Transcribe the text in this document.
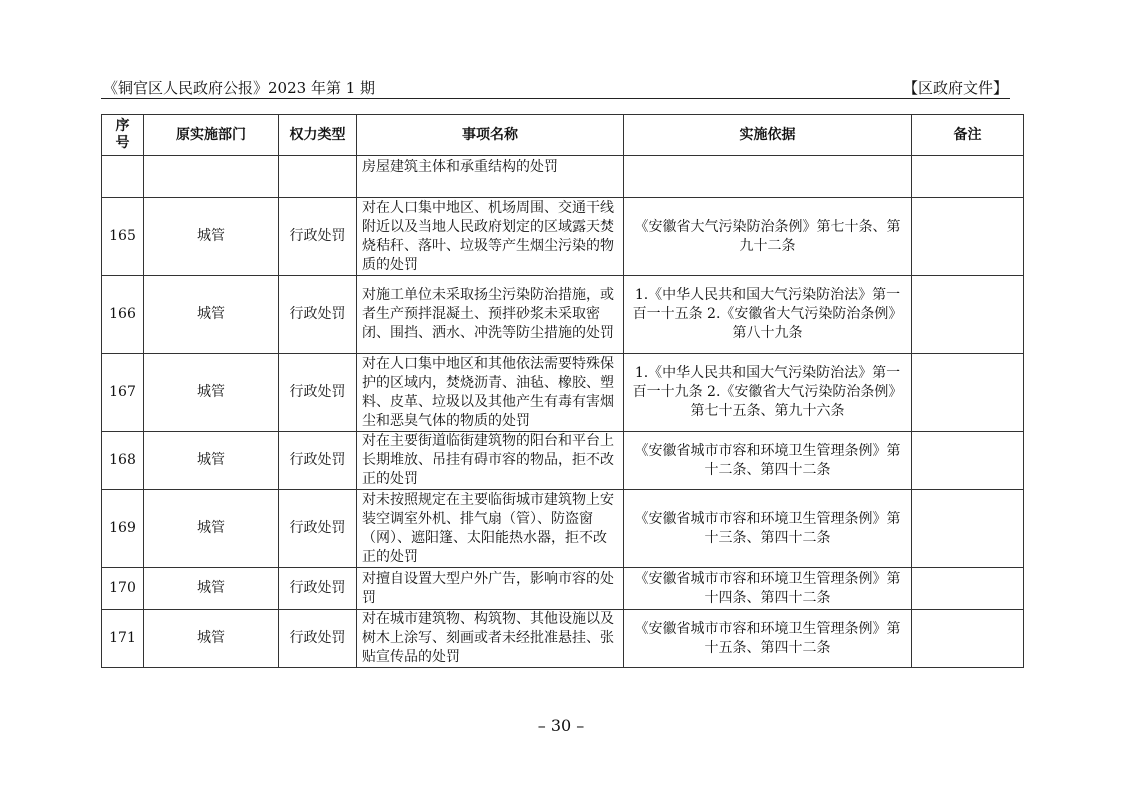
《铜官区人民政府公报》2023 年第 1 期	【区政府文件】
序
号	原实施部门	权力类型	事项名称	实施依据	备注
			房屋建筑主体和承重结构的处罚		
165	城管	行政处罚	对在人口集中地区、机场周围、交通干线附近以及当地人民政府划定的区域露天焚烧秸秆、落叶、垃圾等产生烟尘污染的物质的处罚	《安徽省大气污染防治条例》第七十条、第九十二条	
166	城管	行政处罚	对施工单位未采取扬尘污染防治措施，或者生产预拌混凝土、预拌砂浆未采取密闭、围挡、洒水、冲洗等防尘措施的处罚	1.《中华人民共和国大气污染防治法》第一百一十五条 2.《安徽省大气污染防治条例》第八十九条	
167	城管	行政处罚	对在人口集中地区和其他依法需要特殊保护的区域内，焚烧沥青、油毡、橡胶、塑料、皮革、垃圾以及其他产生有毒有害烟尘和恶臭气体的物质的处罚	1.《中华人民共和国大气污染防治法》第一百一十九条 2.《安徽省大气污染防治条例》第七十五条、第九十六条	
168	城管	行政处罚	对在主要街道临街建筑物的阳台和平台上长期堆放、吊挂有碍市容的物品，拒不改正的处罚	《安徽省城市市容和环境卫生管理条例》第十二条、第四十二条	
169	城管	行政处罚	对未按照规定在主要临街城市建筑物上安装空调室外机、排气扇（管）、防盗窗（网）、遮阳篷、太阳能热水器，拒不改正的处罚	《安徽省城市市容和环境卫生管理条例》第十三条、第四十二条	
170	城管	行政处罚	对擅自设置大型户外广告，影响市容的处罚	《安徽省城市市容和环境卫生管理条例》第十四条、第四十二条	
171	城管	行政处罚	对在城市建筑物、构筑物、其他设施以及树木上涂写、刻画或者未经批准悬挂、张贴宣传品的处罚	《安徽省城市市容和环境卫生管理条例》第十五条、第四十二条	
– 30 –
